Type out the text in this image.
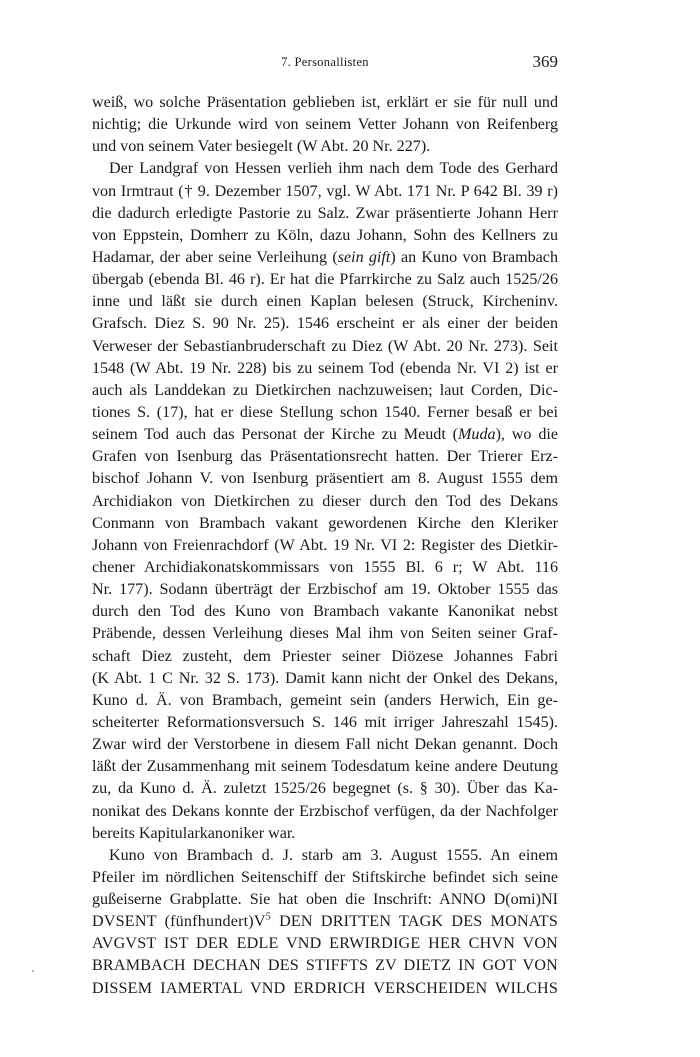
7. Personallisten	369
weiß, wo solche Präsentation geblieben ist, erklärt er sie für null und
nichtig; die Urkunde wird von seinem Vetter Johann von Reifenberg
und von seinem Vater besiegelt (W Abt. 20 Nr. 227).
Der Landgraf von Hessen verlieh ihm nach dem Tode des Gerhard
von Irmtraut († 9. Dezember 1507, vgl. W Abt. 171 Nr. P 642 Bl. 39 r)
die dadurch erledigte Pastorie zu Salz. Zwar präsentierte Johann Herr
von Eppstein, Domherr zu Köln, dazu Johann, Sohn des Kellners zu
Hadamar, der aber seine Verleihung (sein gift) an Kuno von Brambach
übergab (ebenda Bl. 46 r). Er hat die Pfarrkirche zu Salz auch 1525/26
inne und läßt sie durch einen Kaplan belesen (Struck, Kircheninv.
Grafsch. Diez S. 90 Nr. 25). 1546 erscheint er als einer der beiden
Verweser der Sebastianbruderschaft zu Diez (W Abt. 20 Nr. 273). Seit
1548 (W Abt. 19 Nr. 228) bis zu seinem Tod (ebenda Nr. VI 2) ist er
auch als Landdekan zu Dietkirchen nachzuweisen; laut Corden, Dic-
tiones S. (17), hat er diese Stellung schon 1540. Ferner besaß er bei
seinem Tod auch das Personat der Kirche zu Meudt (Muda), wo die
Grafen von Isenburg das Präsentationsrecht hatten. Der Trierer Erz-
bischof Johann V. von Isenburg präsentiert am 8. August 1555 dem
Archidiakon von Dietkirchen zu dieser durch den Tod des Dekans
Conmann von Brambach vakant gewordenen Kirche den Kleriker
Johann von Freienrachdorf (W Abt. 19 Nr. VI 2: Register des Dietkir-
chener Archidiakonatskommissars von 1555 Bl. 6 r; W Abt. 116
Nr. 177). Sodann überträgt der Erzbischof am 19. Oktober 1555 das
durch den Tod des Kuno von Brambach vakante Kanonikat nebst
Präbende, dessen Verleihung dieses Mal ihm von Seiten seiner Graf-
schaft Diez zusteht, dem Priester seiner Diözese Johannes Fabri
(K Abt. 1 C Nr. 32 S. 173). Damit kann nicht der Onkel des Dekans,
Kuno d. Ä. von Brambach, gemeint sein (anders Herwich, Ein ge-
scheiterter Reformationsversuch S. 146 mit irriger Jahreszahl 1545).
Zwar wird der Verstorbene in diesem Fall nicht Dekan genannt. Doch
läßt der Zusammenhang mit seinem Todesdatum keine andere Deutung
zu, da Kuno d. Ä. zuletzt 1525/26 begegnet (s. § 30). Über das Ka-
nonikat des Dekans konnte der Erzbischof verfügen, da der Nachfolger
bereits Kapitularkanoniker war.
Kuno von Brambach d. J. starb am 3. August 1555. An einem
Pfeiler im nördlichen Seitenschiff der Stiftskirche befindet sich seine
gußeiserne Grabplatte. Sie hat oben die Inschrift: ANNO D(omi)NI
DVSENT $(fünfhundert)V^5$ DEN DRITTEN TAGK DES MONATS
AVGVST IST DER EDLE VND ERWIRDIGE HER CHVN VON
BRAMBACH DECHAN DES STIFFTS ZV DIETZ IN GOT VON
DISSEM IAMERTAL VND ERDRICH VERSCHEIDEN WILCHS
